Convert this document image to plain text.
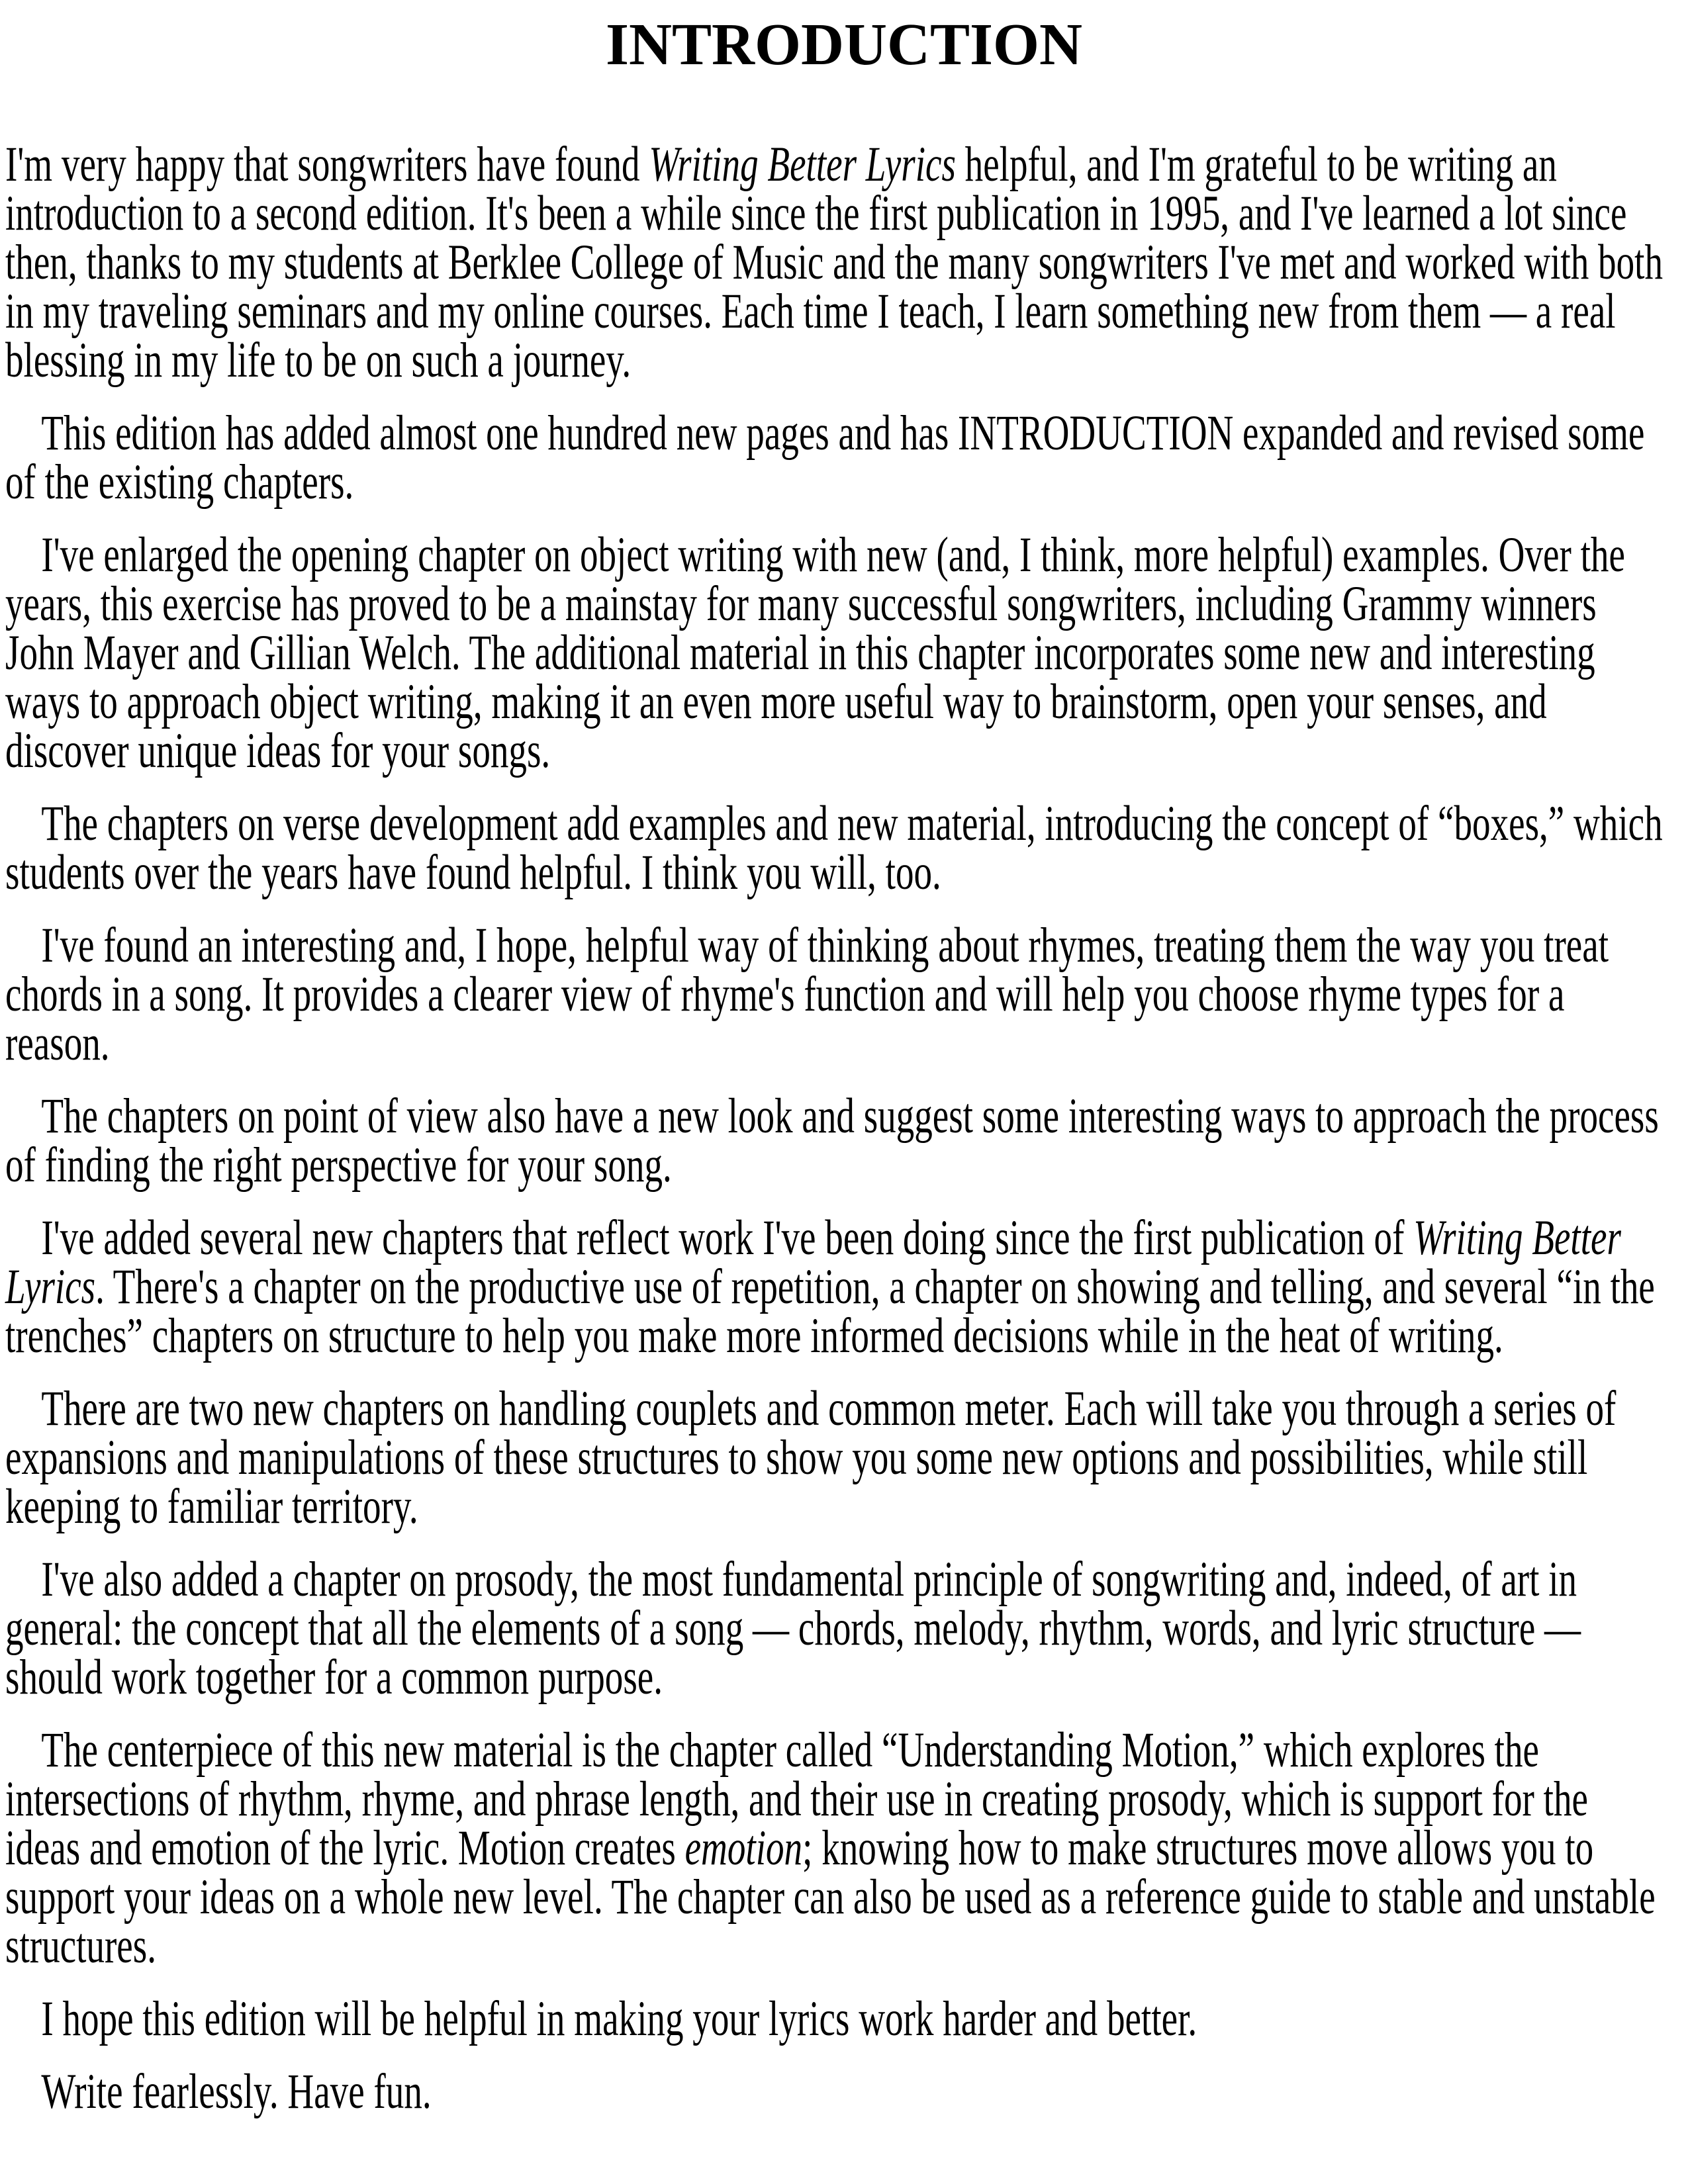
INTRODUCTION

I'm very happy that songwriters have found Writing Better Lyrics helpful, and I'm grateful to be writing an introduction to a second edition. It's been a while since the first publication in 1995, and I've learned a lot since then, thanks to my students at Berklee College of Music and the many songwriters I've met and worked with both in my traveling seminars and my online courses. Each time I teach, I learn something new from them — a real blessing in my life to be on such a journey.

This edition has added almost one hundred new pages and has INTRODUCTION expanded and revised some of the existing chapters.

I've enlarged the opening chapter on object writing with new (and, I think, more helpful) examples. Over the years, this exercise has proved to be a mainstay for many successful songwriters, including Grammy winners John Mayer and Gillian Welch. The additional material in this chapter incorporates some new and interesting ways to approach object writing, making it an even more useful way to brainstorm, open your senses, and discover unique ideas for your songs.

The chapters on verse development add examples and new material, introducing the concept of “boxes,” which students over the years have found helpful. I think you will, too.

I've found an interesting and, I hope, helpful way of thinking about rhymes, treating them the way you treat chords in a song. It provides a clearer view of rhyme's function and will help you choose rhyme types for a reason.

The chapters on point of view also have a new look and suggest some interesting ways to approach the process of finding the right perspective for your song.

I've added several new chapters that reflect work I've been doing since the first publication of Writing Better Lyrics. There's a chapter on the productive use of repetition, a chapter on showing and telling, and several “in the trenches” chapters on structure to help you make more informed decisions while in the heat of writing.

There are two new chapters on handling couplets and common meter. Each will take you through a series of expansions and manipulations of these structures to show you some new options and possibilities, while still keeping to familiar territory.

I've also added a chapter on prosody, the most fundamental principle of songwriting and, indeed, of art in general: the concept that all the elements of a song — chords, melody, rhythm, words, and lyric structure — should work together for a common purpose.

The centerpiece of this new material is the chapter called “Understanding Motion,” which explores the intersections of rhythm, rhyme, and phrase length, and their use in creating prosody, which is support for the ideas and emotion of the lyric. Motion creates emotion; knowing how to make structures move allows you to support your ideas on a whole new level. The chapter can also be used as a reference guide to stable and unstable structures.

I hope this edition will be helpful in making your lyrics work harder and better.

Write fearlessly. Have fun.
